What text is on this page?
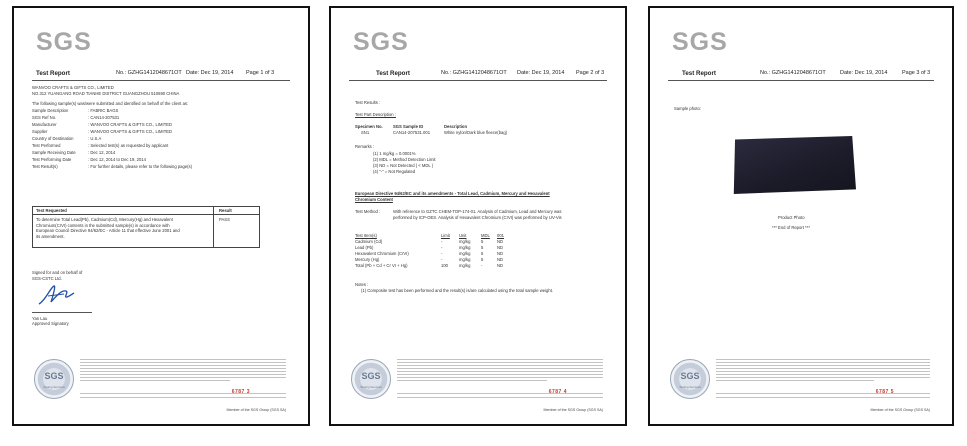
SGS
Test Report	No.: GZHG1412048671OT Date: Dec 19, 2014 Page 1 of 3
WANVOO CRAFTS & GIFTS CO., LIMITED
NO.312 YUANGANG ROAD TIANHE DISTRICT GUANGZHOU 510690 CHINA
The following sample(s) was/were submitted and identified on behalf of the client as:
Sample Description	: FABRIC BAGS
SGS Ref No.	: CAN14-207531
Manufacturer	: WANVOO CRAFTS & GIFTS CO., LIMITED
Supplier	: WANVOO CRAFTS & GIFTS CO., LIMITED
Country of Destination	: U.S.A
Test Performed	: Selected test(s) as requested by applicant
Sample Receiving Date	: Dec 12, 2014
Test Performing Date	: Dec 12, 2014 to Dec 19, 2014
Test Result(s)	: For further details, please refer to the following page(s)
Test Requested	Result
To determine Total Lead(Pb), Cadmium(Cd), Mercury(Hg) and Hexavalent
Chromium(CrVI) contents in the submitted sample(s) in accordance with
European Council Directive 94/62/EC - Article 11 that effective June 2001 and
its amendment.
PASS
Signed for and on behalf of
SGS-CSTC Ltd.
Yan Lau
Approved Signatory
SGS
Testing Services
6787 3
Member of the SGS Group (SGS SA)
SGS
Test Report	No.: GZHG1412048671OT Date: Dec 19, 2014 Page 2 of 3
Test Results :
Test Part Description :
Specimen No. SGS Sample ID	Description
SN1	CAN14-207531.001	White nylon/Dark blue fleece(bag)
Remarks :
(1) 1 mg/kg = 0.0001%
(2) MDL = Method Detection Limit
(3) ND = Not Detected ( < MDL )
(4) "-" = Not Regulated
European Directive 94/62/EC and its amendments - Total Lead, Cadmium, Mercury and Hexavalent
Chromium Content
Test Method :	With reference to GZTC CHEM-TOP-174-01. Analysis of Cadmium, Lead and Mercury was
performed by ICP-OES. Analysis of Hexavalent Chromium (CrVI) was performed by UV-Vis
Test Item(s)	Limit	Unit	MDL	001
Cadmium (Cd)	-	mg/kg	5	ND
Lead (Pb)	-	mg/kg	5	ND
Hexavalent Chromium (CrVI)	-	mg/kg	5	ND
Mercury (Hg)	-	mg/kg	5	ND
Total (Pb + Cd + Cr VI + Hg)	100	mg/kg	-	ND
Notes :
(1) Composite test has been performed and the result(s) is/are calculated using the total sample weight.
SGS
Testing Services
6787 4
Member of the SGS Group (SGS SA)
SGS
Test Report	No.: GZHG1412048671OT	Date: Dec 19, 2014	Page 3 of 3
Sample photo:
Product Photo
*** End of Report ***
SGS
Testing Services
6787 5
Member of the SGS Group (SGS SA)
